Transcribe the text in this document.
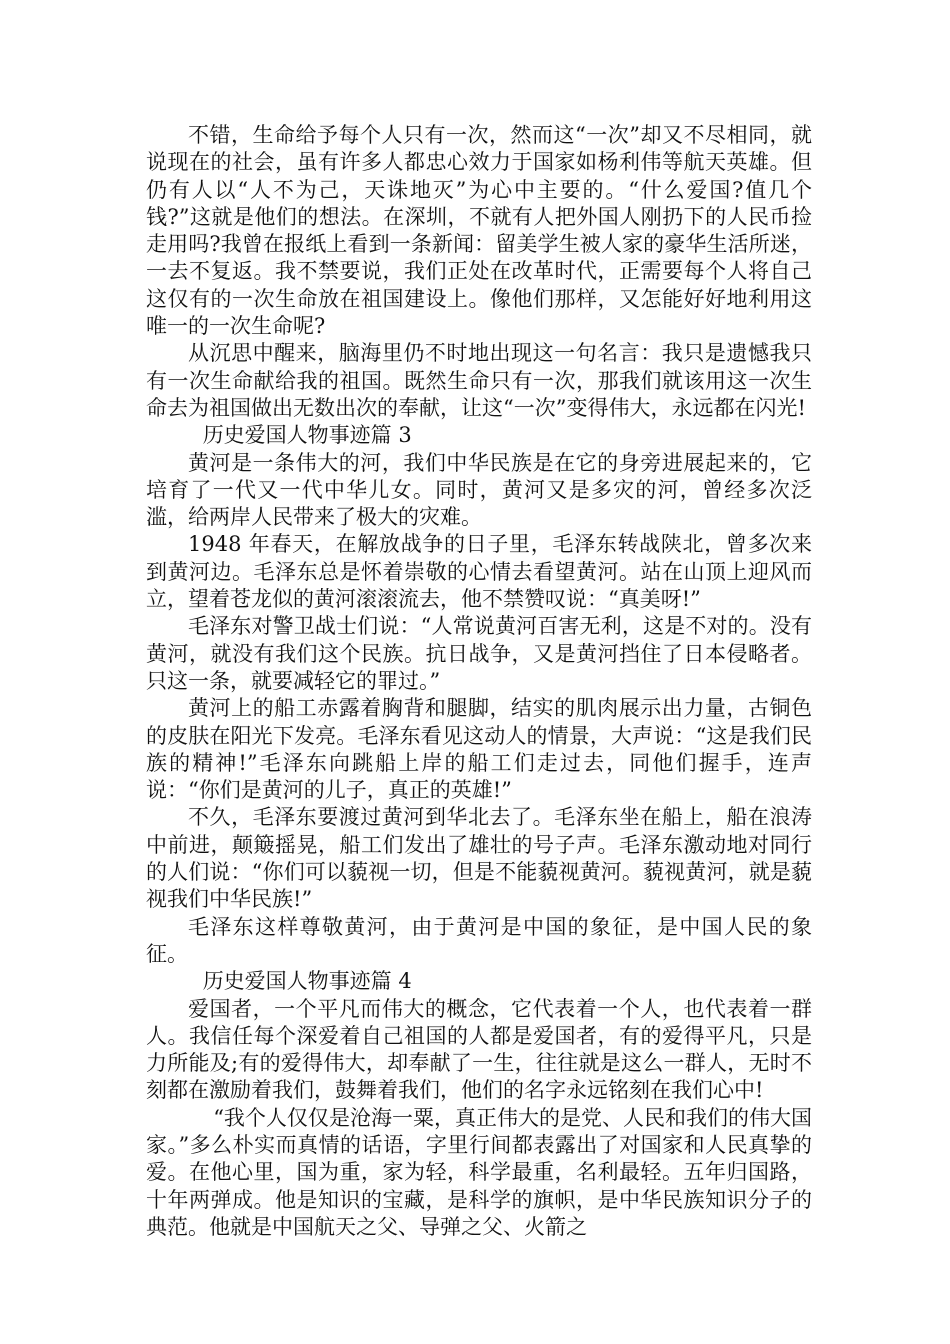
不错，生命给予每个人只有一次，然而这“一次”却又不尽相同，就说现在的社会，虽有许多人都忠心效力于国家如杨利伟等航天英雄。但仍有人以“人不为己，天诛地灭”为心中主要的。“什么爱国?值几个钱?”这就是他们的想法。在深圳，不就有人把外国人刚扔下的人民币捡走用吗?我曾在报纸上看到一条新闻：留美学生被人家的豪华生活所迷，一去不复返。我不禁要说，我们正处在改革时代，正需要每个人将自己这仅有的一次生命放在祖国建设上。像他们那样，又怎能好好地利用这唯一的一次生命呢?

从沉思中醒来，脑海里仍不时地出现这一句名言：我只是遗憾我只有一次生命献给我的祖国。既然生命只有一次，那我们就该用这一次生命去为祖国做出无数出次的奉献，让这“一次”变得伟大，永远都在闪光!

历史爱国人物事迹篇 3

黄河是一条伟大的河，我们中华民族是在它的身旁进展起来的，它培育了一代又一代中华儿女。同时，黄河又是多灾的河，曾经多次泛滥，给两岸人民带来了极大的灾难。

1948 年春天，在解放战争的日子里，毛泽东转战陕北，曾多次来到黄河边。毛泽东总是怀着崇敬的心情去看望黄河。站在山顶上迎风而立，望着苍龙似的黄河滚滚流去，他不禁赞叹说：“真美呀!”

毛泽东对警卫战士们说：“人常说黄河百害无利，这是不对的。没有黄河，就没有我们这个民族。抗日战争，又是黄河挡住了日本侵略者。只这一条，就要减轻它的罪过。”

黄河上的船工赤露着胸背和腿脚，结实的肌肉展示出力量，古铜色的皮肤在阳光下发亮。毛泽东看见这动人的情景，大声说：“这是我们民族的精神!”毛泽东向跳船上岸的船工们走过去，同他们握手，连声说：“你们是黄河的儿子，真正的英雄!”

不久，毛泽东要渡过黄河到华北去了。毛泽东坐在船上，船在浪涛中前进，颠簸摇晃，船工们发出了雄壮的号子声。毛泽东激动地对同行的人们说：“你们可以藐视一切，但是不能藐视黄河。藐视黄河，就是藐视我们中华民族!”

毛泽东这样尊敬黄河，由于黄河是中国的象征，是中国人民的象征。

历史爱国人物事迹篇 4

爱国者，一个平凡而伟大的概念，它代表着一个人，也代表着一群人。我信任每个深爱着自己祖国的人都是爱国者，有的爱得平凡，只是力所能及;有的爱得伟大，却奉献了一生，往往就是这么一群人，无时不刻都在激励着我们，鼓舞着我们，他们的名字永远铭刻在我们心中!

“我个人仅仅是沧海一粟，真正伟大的是党、人民和我们的伟大国家。”多么朴实而真情的话语，字里行间都表露出了对国家和人民真挚的爱。在他心里，国为重，家为轻，科学最重，名利最轻。五年归国路，十年两弹成。他是知识的宝藏，是科学的旗帜，是中华民族知识分子的典范。他就是中国航天之父、导弹之父、火箭之
